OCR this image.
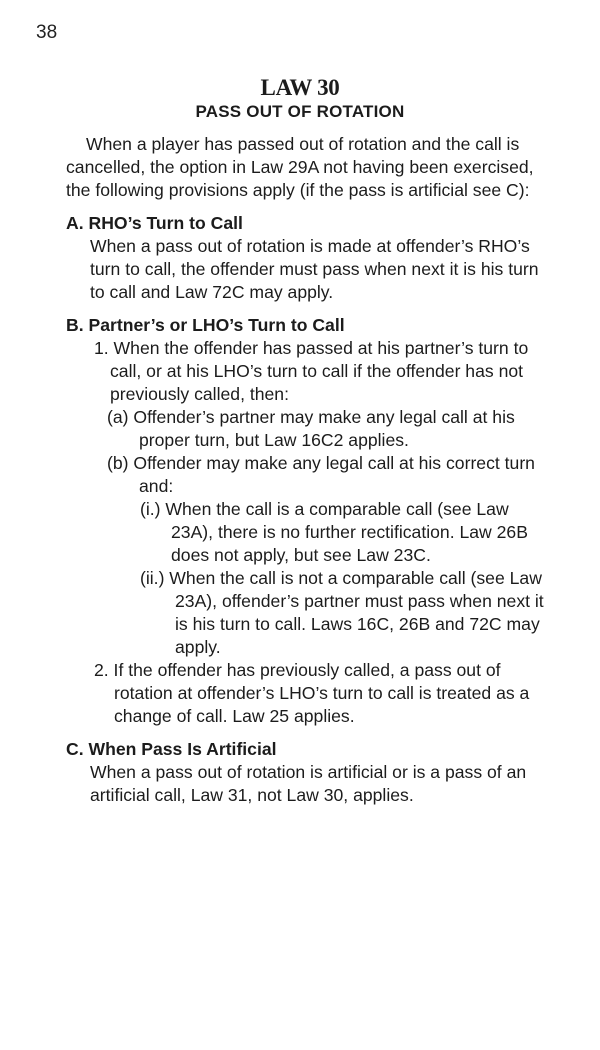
38
LAW 30
PASS OUT OF ROTATION

When a player has passed out of rotation and the call is cancelled, the option in Law 29A not having been exercised, the following provisions apply (if the pass is artificial see C):

A. RHO’s Turn to Call

When a pass out of rotation is made at offender’s RHO’s turn to call, the offender must pass when next it is his turn to call and Law 72C may apply.

B. Partner’s or LHO’s Turn to Call

1. When the offender has passed at his partner’s turn to call, or at his LHO’s turn to call if the offender has not previously called, then:

(a) Offender’s partner may make any legal call at his proper turn, but Law 16C2 applies.

(b) Offender may make any legal call at his correct turn and:

(i.) When the call is a comparable call (see Law 23A), there is no further rectification. Law 26B does not apply, but see Law 23C.

(ii.) When the call is not a comparable call (see Law 23A), offender’s partner must pass when next it is his turn to call. Laws 16C, 26B and 72C may apply.

2. If the offender has previously called, a pass out of rotation at offender’s LHO’s turn to call is treated as a change of call. Law 25 applies.

C. When Pass Is Artificial

When a pass out of rotation is artificial or is a pass of an artificial call, Law 31, not Law 30, applies.
